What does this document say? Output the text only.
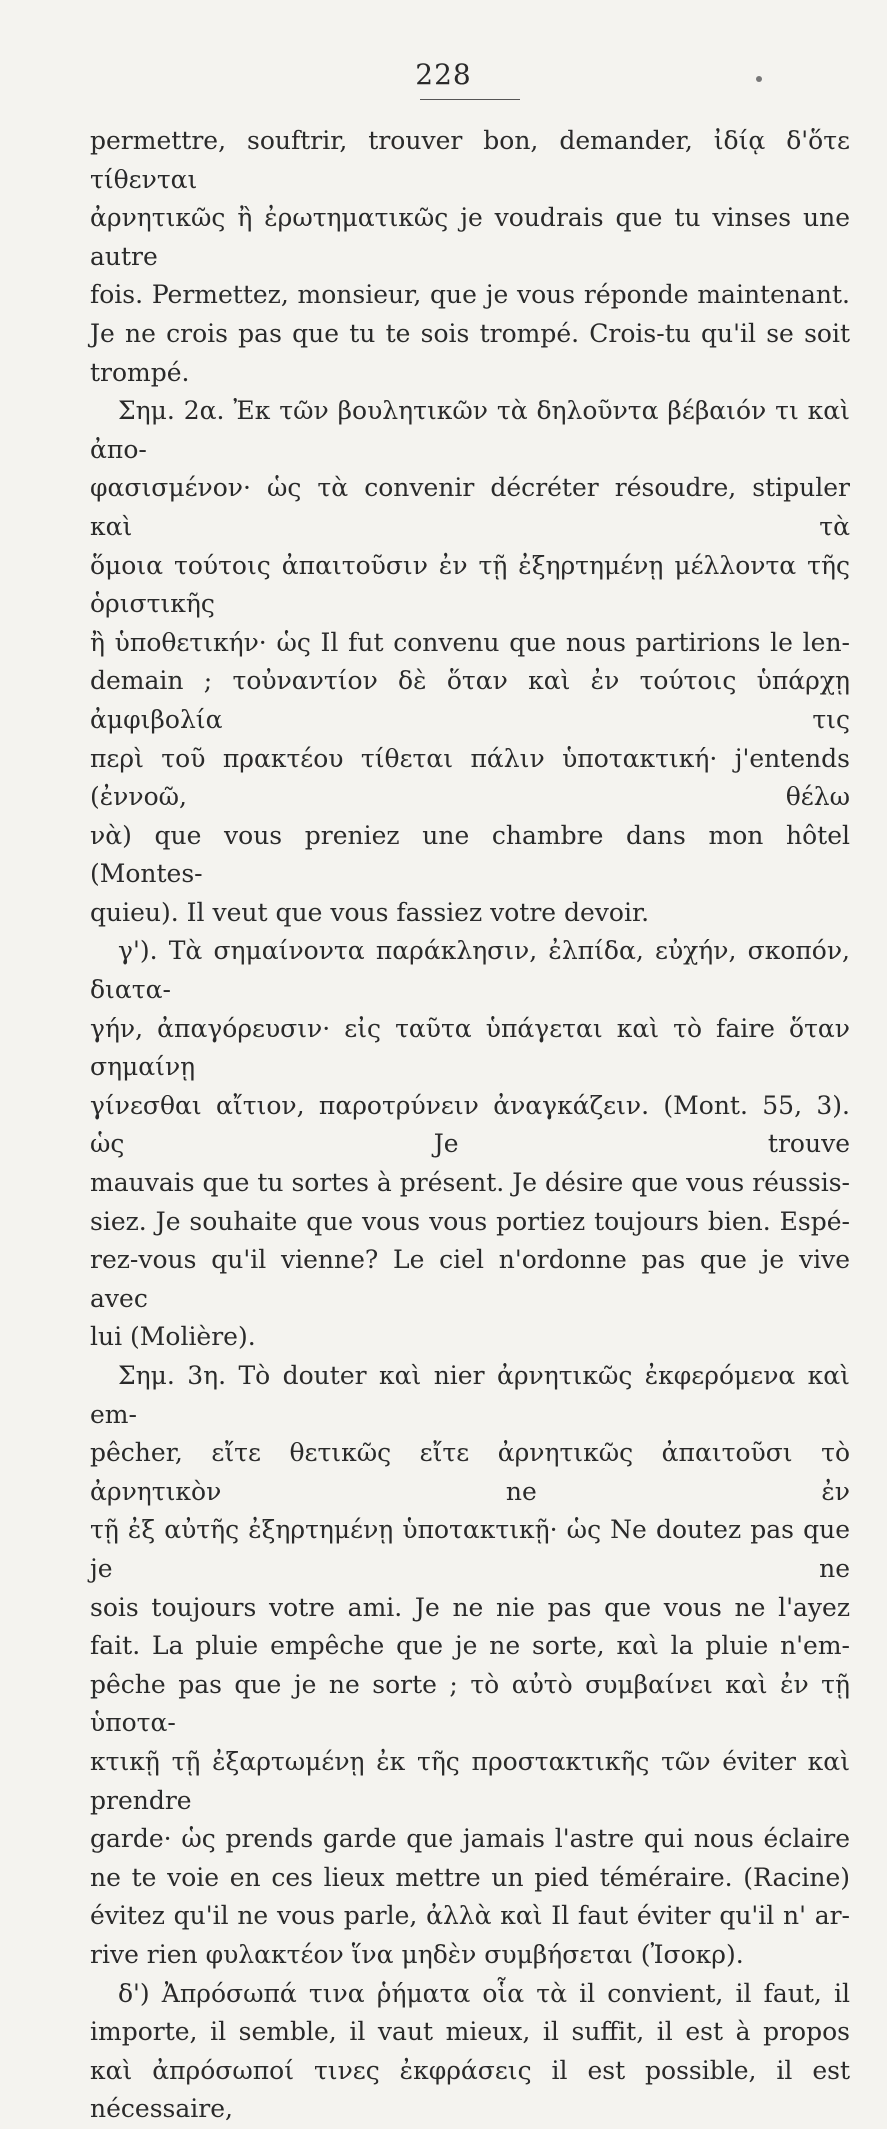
228

permettre, souftrir, trouver bon, demander, ἰδίᾳ δ'ὅτε τίθενται

ἀρνητικῶς ἢ ἐρωτηματικῶς je voudrais que tu vinses une autre

fois. Permettez, monsieur, que je vous réponde maintenant.

Je ne crois pas que tu te sois trompé. Crois-tu qu'il se soit

trompé.

Σημ. 2α. Ἐκ τῶν βουλητικῶν τὰ δηλοῦντα βέβαιόν τι καὶ ἀπο-

φασισμένον· ὡς τὰ convenir décréter résoudre, stipuler καὶ τὰ

ὅμοια τούτοις ἀπαιτοῦσιν ἐν τῇ ἐξηρτημένῃ μέλλοντα τῆς ὁριστικῆς

ἢ ὑποθετικήν· ὡς Il fut convenu que nous partirions le len-

demain ; τοὐναντίον δὲ ὅταν καὶ ἐν τούτοις ὑπάρχῃ ἀμφιβολία τις

περὶ τοῦ πρακτέου τίθεται πάλιν ὑποτακτική· j'entends (ἐννοῶ, θέλω

νὰ) que vous preniez une chambre dans mon hôtel (Montes-

quieu). Il veut que vous fassiez votre devoir.

γ'). Τὰ σημαίνοντα παράκλησιν, ἐλπίδα, εὐχήν, σκοπόν, διατα-

γήν, ἀπαγόρευσιν· εἰς ταῦτα ὑπάγεται καὶ τὸ faire ὅταν σημαίνῃ

γίνεσθαι αἴτιον, παροτρύνειν ἀναγκάζειν. (Mont. 55, 3). ὡς Je trouve

mauvais que tu sortes à présent. Je désire que vous réussis-

siez. Je souhaite que vous vous portiez toujours bien. Espé-

rez-vous qu'il vienne? Le ciel n'ordonne pas que je vive avec

lui (Molière).

Σημ. 3η. Τὸ douter καὶ nier ἀρνητικῶς ἐκφερόμενα καὶ em-

pêcher, εἴτε θετικῶς εἴτε ἀρνητικῶς ἀπαιτοῦσι τὸ ἀρνητικὸν ne ἐν

τῇ ἐξ αὐτῆς ἐξηρτημένῃ ὑποτακτικῇ· ὡς Ne doutez pas que je ne

sois toujours votre ami. Je ne nie pas que vous ne l'ayez

fait. La pluie empêche que je ne sorte, καὶ la pluie n'em-

pêche pas que je ne sorte ; τὸ αὐτὸ συμβαίνει καὶ ἐν τῇ ὑποτα-

κτικῇ τῇ ἐξαρτωμένῃ ἐκ τῆς προστακτικῆς τῶν éviter καὶ prendre

garde· ὡς prends garde que jamais l'astre qui nous éclaire

ne te voie en ces lieux mettre un pied téméraire. (Racine)

évitez qu'il ne vous parle, ἀλλὰ καὶ Il faut éviter qu'il n' ar-

rive rien φυλακτέον ἵνα μηδὲν συμβήσεται (Ἰσοκρ).

δ') Ἀπρόσωπά τινα ῥήματα οἷα τὰ il convient, il faut, il

importe, il semble, il vaut mieux, il suffit, il est à propos

καὶ ἀπρόσωποί τινες ἐκφράσεις il est possible, il est nécessaire,
